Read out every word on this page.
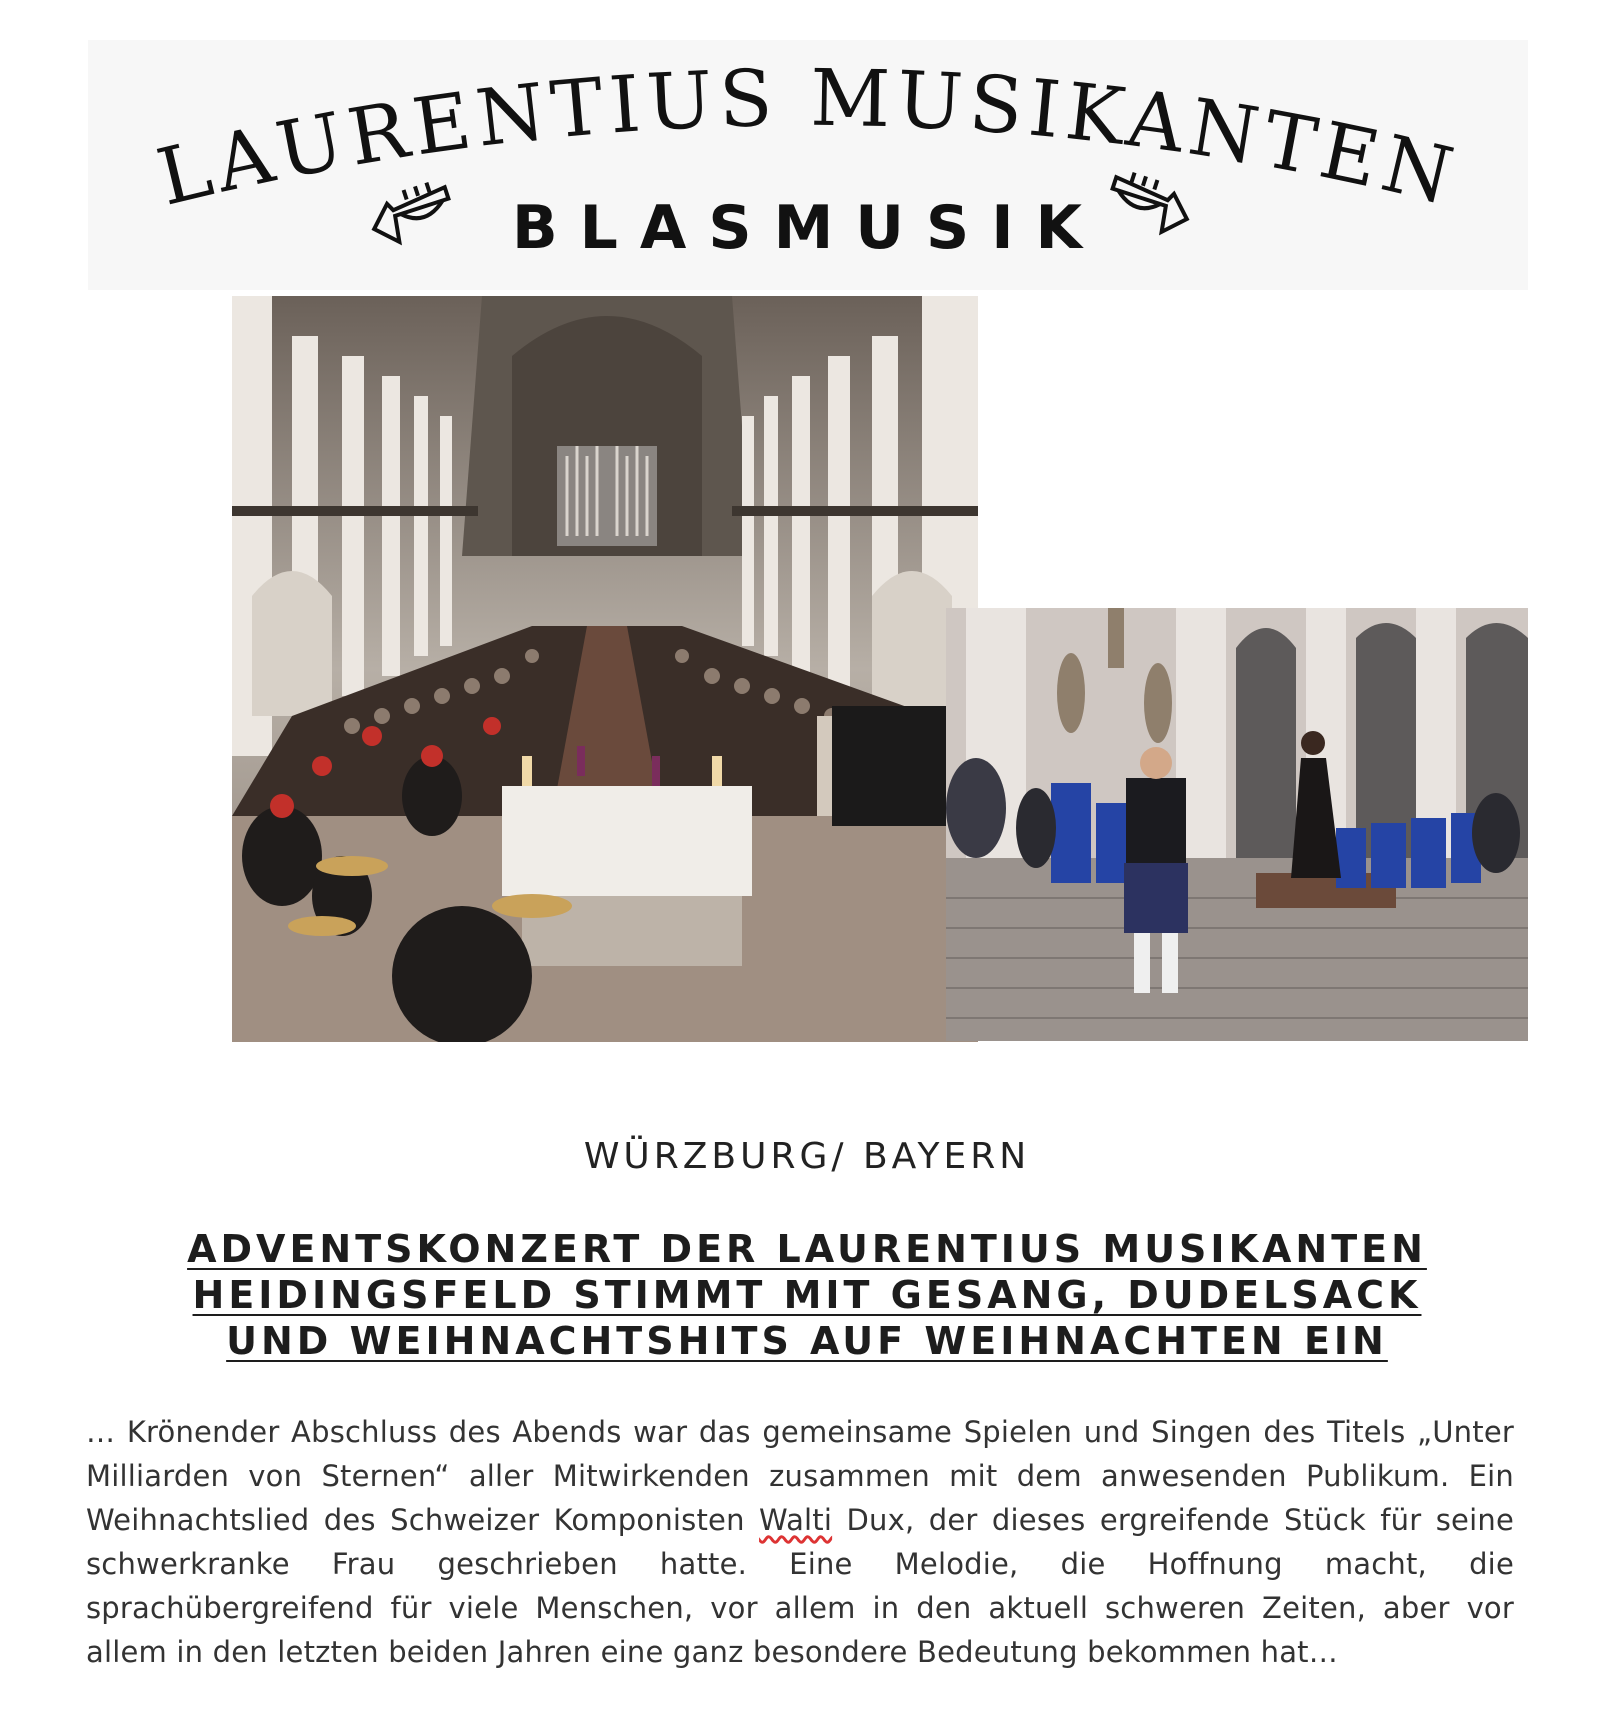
LAURENTIUS MUSIKANTEN
BLASMUSIK
WÜRZBURG/ BAYERN
ADVENTSKONZERT DER LAURENTIUS MUSIKANTEN HEIDINGSFELD STIMMT MIT GESANG, DUDELSACK UND WEIHNACHTSHITS AUF WEIHNACHTEN EIN
… Krönender Abschluss des Abends war das gemeinsame Spielen und Singen des Titels „Unter Milliarden von Sternen“ aller Mitwirkenden zusammen mit dem anwesenden Publikum. Ein Weihnachtslied des Schweizer Komponisten Walti Dux, der dieses ergreifende Stück für seine schwerkranke Frau geschrieben hatte. Eine Melodie, die Hoffnung macht, die sprachübergreifend für viele Menschen, vor allem in den aktuell schweren Zeiten, aber vor allem in den letzten beiden Jahren eine ganz besondere Bedeutung bekommen hat…
